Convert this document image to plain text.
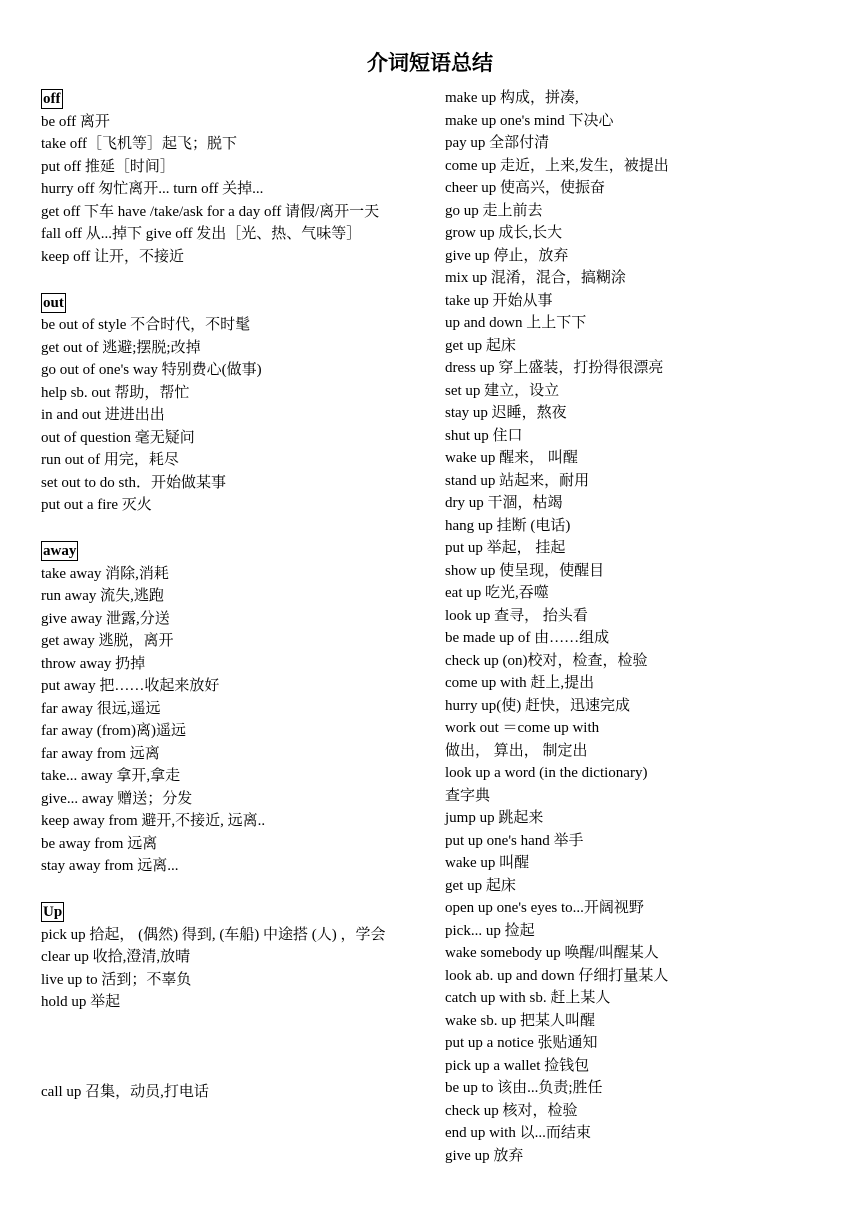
介词短语总结
off
be off 离开
take off［飞机等］起飞；脱下
put off 推延［时间］
hurry off 匆忙离开... turn off 关掉...
get off 下车 have /take/ask for a day off 请假/离开一天
fall off 从...掉下 give off 发出［光、热、气味等］
keep off 让开，不接近
out
be out of style 不合时代，不时髦
get out of 逃避;摆脱;改掉
go out of one's way 特别费心(做事)
help sb. out 帮助，帮忙
in and out 进进出出
out of question 毫无疑问
run out of 用完，耗尽
set out to do sth．开始做某事
put out a fire 灭火
away
take away 消除,消耗
run away 流失,逃跑
give away 泄露,分送
get away 逃脱，离开
throw away 扔掉
put away 把……收起来放好
far away 很远,遥远
far away (from)离)遥远
far away from 远离
take... away 拿开,拿走
give... away 赠送；分发
keep away from 避开,不接近, 远离..
be away from 远离
stay away from 远离...
Up
pick up 拾起， (偶然) 得到, (车船) 中途搭 (人) ，学会
clear up 收拾,澄清,放晴
live up to 活到；不辜负
hold up 举起
call up 召集，动员,打电话
make up 构成，拼凑,
make up one's mind 下决心
pay up 全部付清
come up 走近，上来,发生，被提出
cheer up 使高兴，使振奋
go up 走上前去
grow up 成长,长大
give up 停止，放弃
mix up 混淆，混合，搞糊涂
take up 开始从事
up and down 上上下下
get up 起床
dress up 穿上盛装，打扮得很漂亮
set up 建立，设立
stay up 迟睡，熬夜
shut up 住口
wake up 醒来， 叫醒
stand up 站起来，耐用
dry up 干涸，枯竭
hang up 挂断 (电话)
put up 举起， 挂起
show up 使呈现，使醒目
eat up 吃光,吞噬
look up 查寻， 抬头看
be made up of 由……组成
check up (on)校对，检查，检验
come up with 赶上,提出
hurry up(使) 赶快，迅速完成
work out ＝come up with
做出， 算出， 制定出
look up a word (in the dictionary)
查字典
jump up 跳起来
put up one's hand 举手
wake up 叫醒
get up 起床
open up one's eyes to...开阔视野
pick... up 捡起
wake somebody up 唤醒/叫醒某人
look ab. up and down 仔细打量某人
catch up with sb. 赶上某人
wake sb. up 把某人叫醒
put up a notice 张贴通知
pick up a wallet 捡钱包
be up to 该由...负责;胜任
check up 核对，检验
end up with 以...而结束
give up 放弃
